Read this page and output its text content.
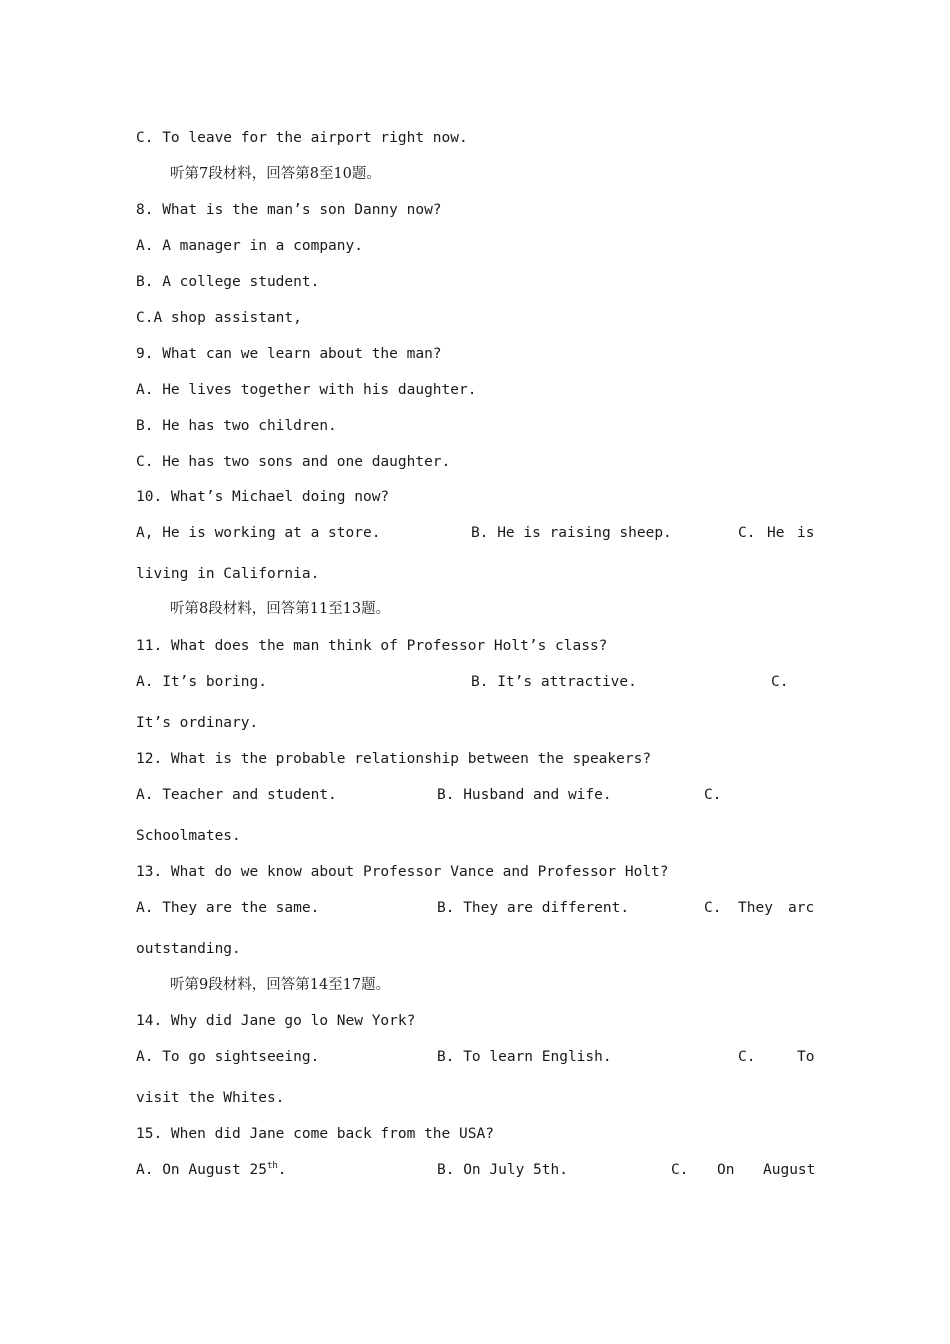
C. To leave for the airport right now.
听第7段材料，回答第8至10题。
8. What is the man’s son Danny now?
A. A manager in a company.
B. A college student.
C.A shop assistant,
9. What can we learn about the man?
A. He lives together with his daughter.
B. He has two children.
C. He has two sons and one daughter.
10. What’s Michael doing now?
A, He is working at a store.	B. He is raising sheep.	C. He is
living in California.
听第8段材料，回答第11至13题。
11. What does the man think of Professor Holt’s class?
A. It’s boring.	B. It’s attractive.	C.
It’s ordinary.
12. What is the probable relationship between the speakers?
A. Teacher and student.	B. Husband and wife.	C.
Schoolmates.
13. What do we know about Professor Vance and Professor Holt?
A. They are the same.	B. They are different.	C. They arc
outstanding.
听第9段材料，回答第14至17题。
14. Why did Jane go lo New York?
A. To go sightseeing.	B. To learn English.	C.	To
visit the Whites.
15. When did Jane come back from the USA?
A. On August 25th.	B. On July 5th.	C. On August
